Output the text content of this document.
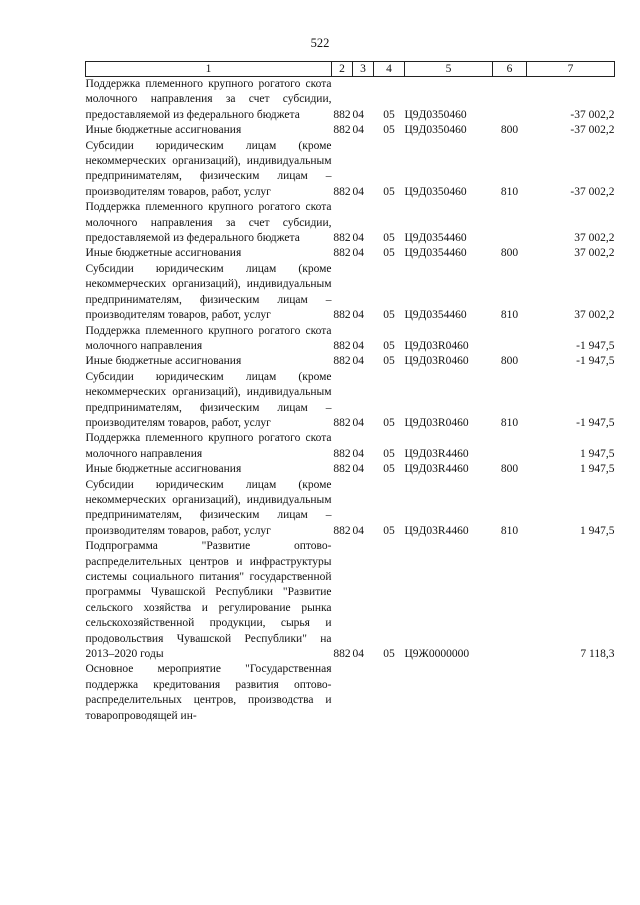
522
1	2	3	4	5	6	7
Поддержка племенного крупного рогатого скота молочного направления за счет субсидии, предоставляемой из федерального бюджета	882	04	05	Ц9Д0350460		-37 002,2
Иные бюджетные ассигнования	882	04	05	Ц9Д0350460	800	-37 002,2
Субсидии юридическим лицам (кроме некоммерческих организаций), индивидуальным предпринимателям, физическим лицам – производителям товаров, работ, услуг	882	04	05	Ц9Д0350460	810	-37 002,2
Поддержка племенного крупного рогатого скота молочного направления за счет субсидии, предоставляемой из федерального бюджета	882	04	05	Ц9Д0354460		37 002,2
Иные бюджетные ассигнования	882	04	05	Ц9Д0354460	800	37 002,2
Субсидии юридическим лицам (кроме некоммерческих организаций), индивидуальным предпринимателям, физическим лицам – производителям товаров, работ, услуг	882	04	05	Ц9Д0354460	810	37 002,2
Поддержка племенного крупного рогатого скота молочного направления	882	04	05	Ц9Д03R0460		-1 947,5
Иные бюджетные ассигнования	882	04	05	Ц9Д03R0460	800	-1 947,5
Субсидии юридическим лицам (кроме некоммерческих организаций), индивидуальным предпринимателям, физическим лицам – производителям товаров, работ, услуг	882	04	05	Ц9Д03R0460	810	-1 947,5
Поддержка племенного крупного рогатого скота молочного направления	882	04	05	Ц9Д03R4460		1 947,5
Иные бюджетные ассигнования	882	04	05	Ц9Д03R4460	800	1 947,5
Субсидии юридическим лицам (кроме некоммерческих организаций), индивидуальным предпринимателям, физическим лицам – производителям товаров, работ, услуг	882	04	05	Ц9Д03R4460	810	1 947,5
Подпрограмма "Развитие оптово-распределительных центров и инфраструктуры системы социального питания" государственной программы Чувашской Республики "Развитие сельского хозяйства и регулирование рынка сельскохозяйственной продукции, сырья и продовольствия Чувашской Республики" на 2013–2020 годы	882	04	05	Ц9Ж0000000		7 118,3
Основное мероприятие "Государственная поддержка кредитования развития оптово-распределительных центров, производства и товаропроводящей ин-						
